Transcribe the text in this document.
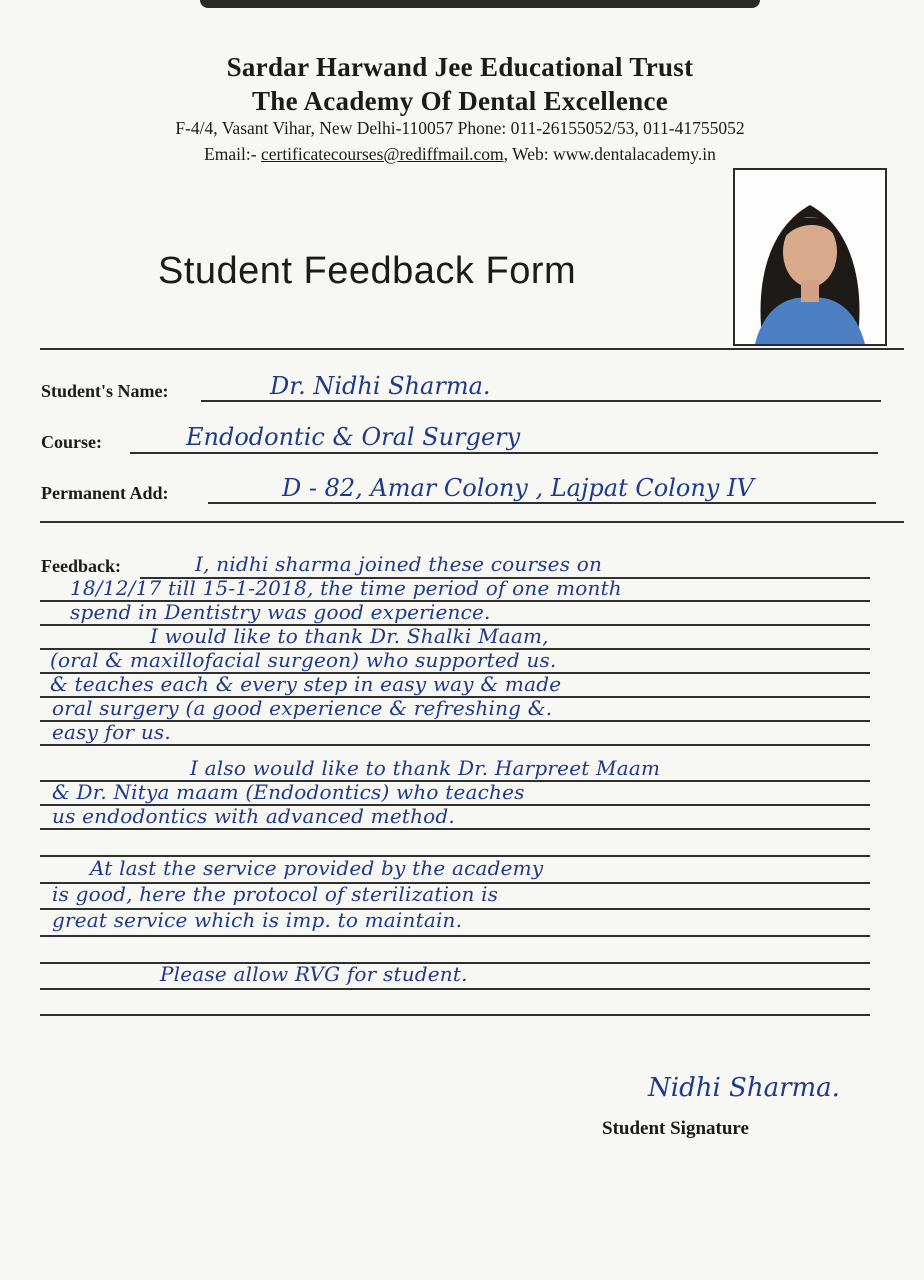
Sardar Harwand Jee Educational Trust
The Academy Of Dental Excellence
F-4/4, Vasant Vihar, New Delhi-110057 Phone: 011-26155052/53, 011-41755052
Email:- certificatecourses@rediffmail.com, Web: www.dentalacademy.in
Student Feedback Form
Student's Name:	Dr. Nidhi Sharma.
Course:	Endodontic & Oral Surgery
Permanent Add:	D - 82, Amar Colony , Lajpat Colony IV
Feedback:	I, nidhi sharma joined these courses on
18/12/17 till 15-1-2018, the time period of one month
spend in Dentistry was good experience.
I would like to thank Dr. Shalki Maam,
(oral & maxillofacial surgeon) who supported us.
& teaches each & every step in easy way & made
oral surgery (a good experience & refreshing &.
easy for us.
I also would like to thank Dr. Harpreet Maam
& Dr. Nitya maam (Endodontics) who teaches
us endodontics with advanced method.
At last the service provided by the academy
is good, here the protocol of sterilization is
great service which is imp. to maintain.
Please allow RVG for student.
Nidhi Sharma.
Student Signature
